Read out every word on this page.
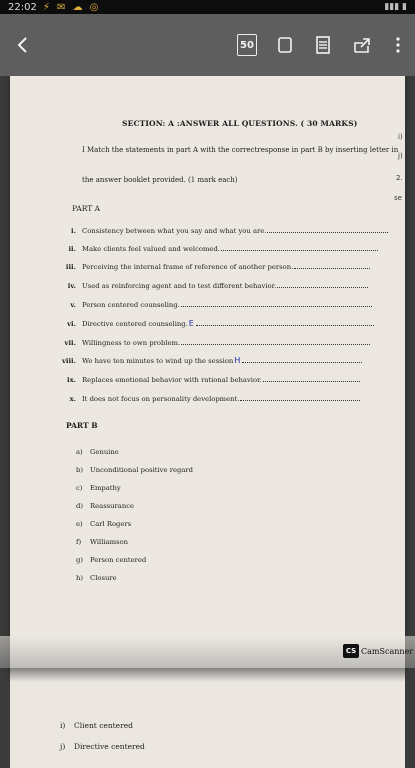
22:02 ⚡ ✉ ☁ ◎	▮▮▮ ▮
50
SECTION: A :ANSWER ALL QUESTIONS. ( 30 MARKS)
I Match the statements in part A with the correctresponse in part B by inserting letter in
the answer booklet provided. (1 mark each)
PART A
i. Consistency between what you say and what you are.
ii. Make clients feel valued and welcomed.
iii. Perceiving the internal frame of reference of another person.
iv. Used as reinforcing agent and to test different behavior.
v. Person centered counseling.
vi. Directive centered counseling. E
vii. Willingness to own problem.
viii. We have ten minutes to wind up the session H
ix. Replaces emotional behavior with rational behavior.
x. It does not focus on personality development.
PART B
a)	Genuine
b)	Unconditional positive regard
c)	Empathy
d)	Reassurance
e)	Carl Rogers
f)	Williamson
g)	Person centered
h)	Closure
i)
j)
2.
se
CS CamScanner
i)	Client centered
j)	Directive centered
